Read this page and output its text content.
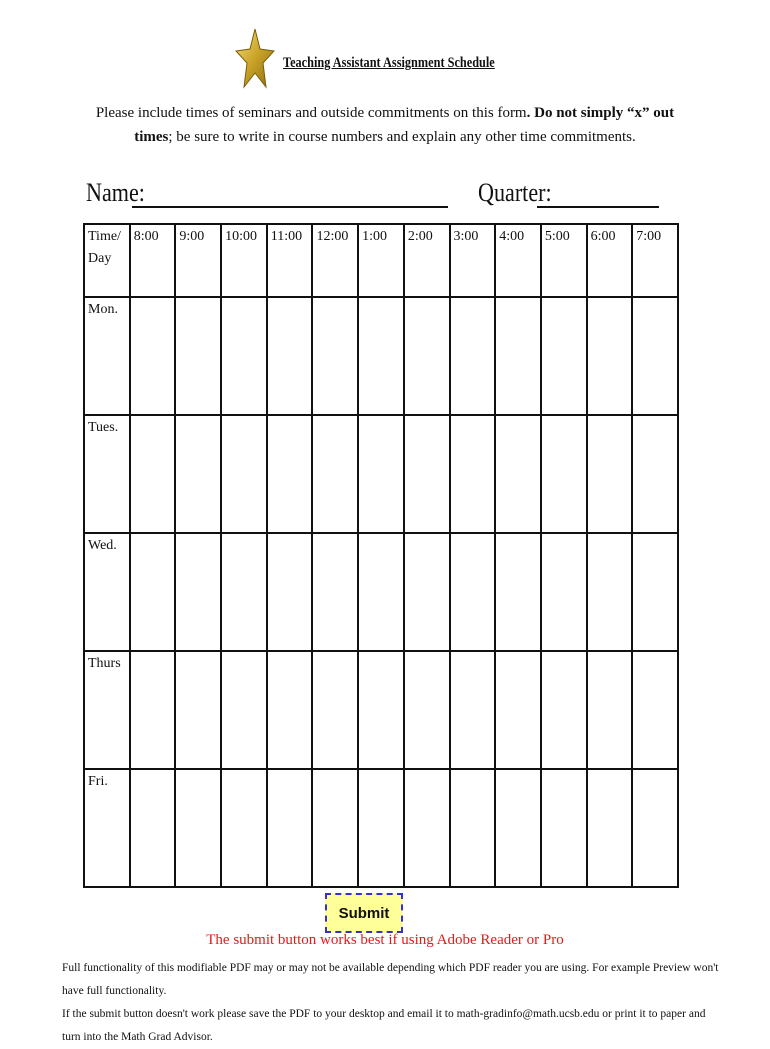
Teaching Assistant Assignment Schedule
Please include times of seminars and outside commitments on this form. Do not simply “x” out times; be sure to write in course numbers and explain any other time commitments.
Name:	Quarter:
Time/
Day	8:00	9:00	10:00	11:00	12:00	1:00	2:00	3:00	4:00	5:00	6:00	7:00
Mon.												
Tues.												
Wed.												
Thurs												
Fri.												
Submit
The submit button works best if using Adobe Reader or Pro
Full functionality of this modifiable PDF may or may not be available depending which PDF reader you are using. For example Preview won't have full functionality.
If the submit button doesn't work please save the PDF to your desktop and email it to math-gradinfo@math.ucsb.edu or print it to paper and turn into the Math Grad Advisor.
